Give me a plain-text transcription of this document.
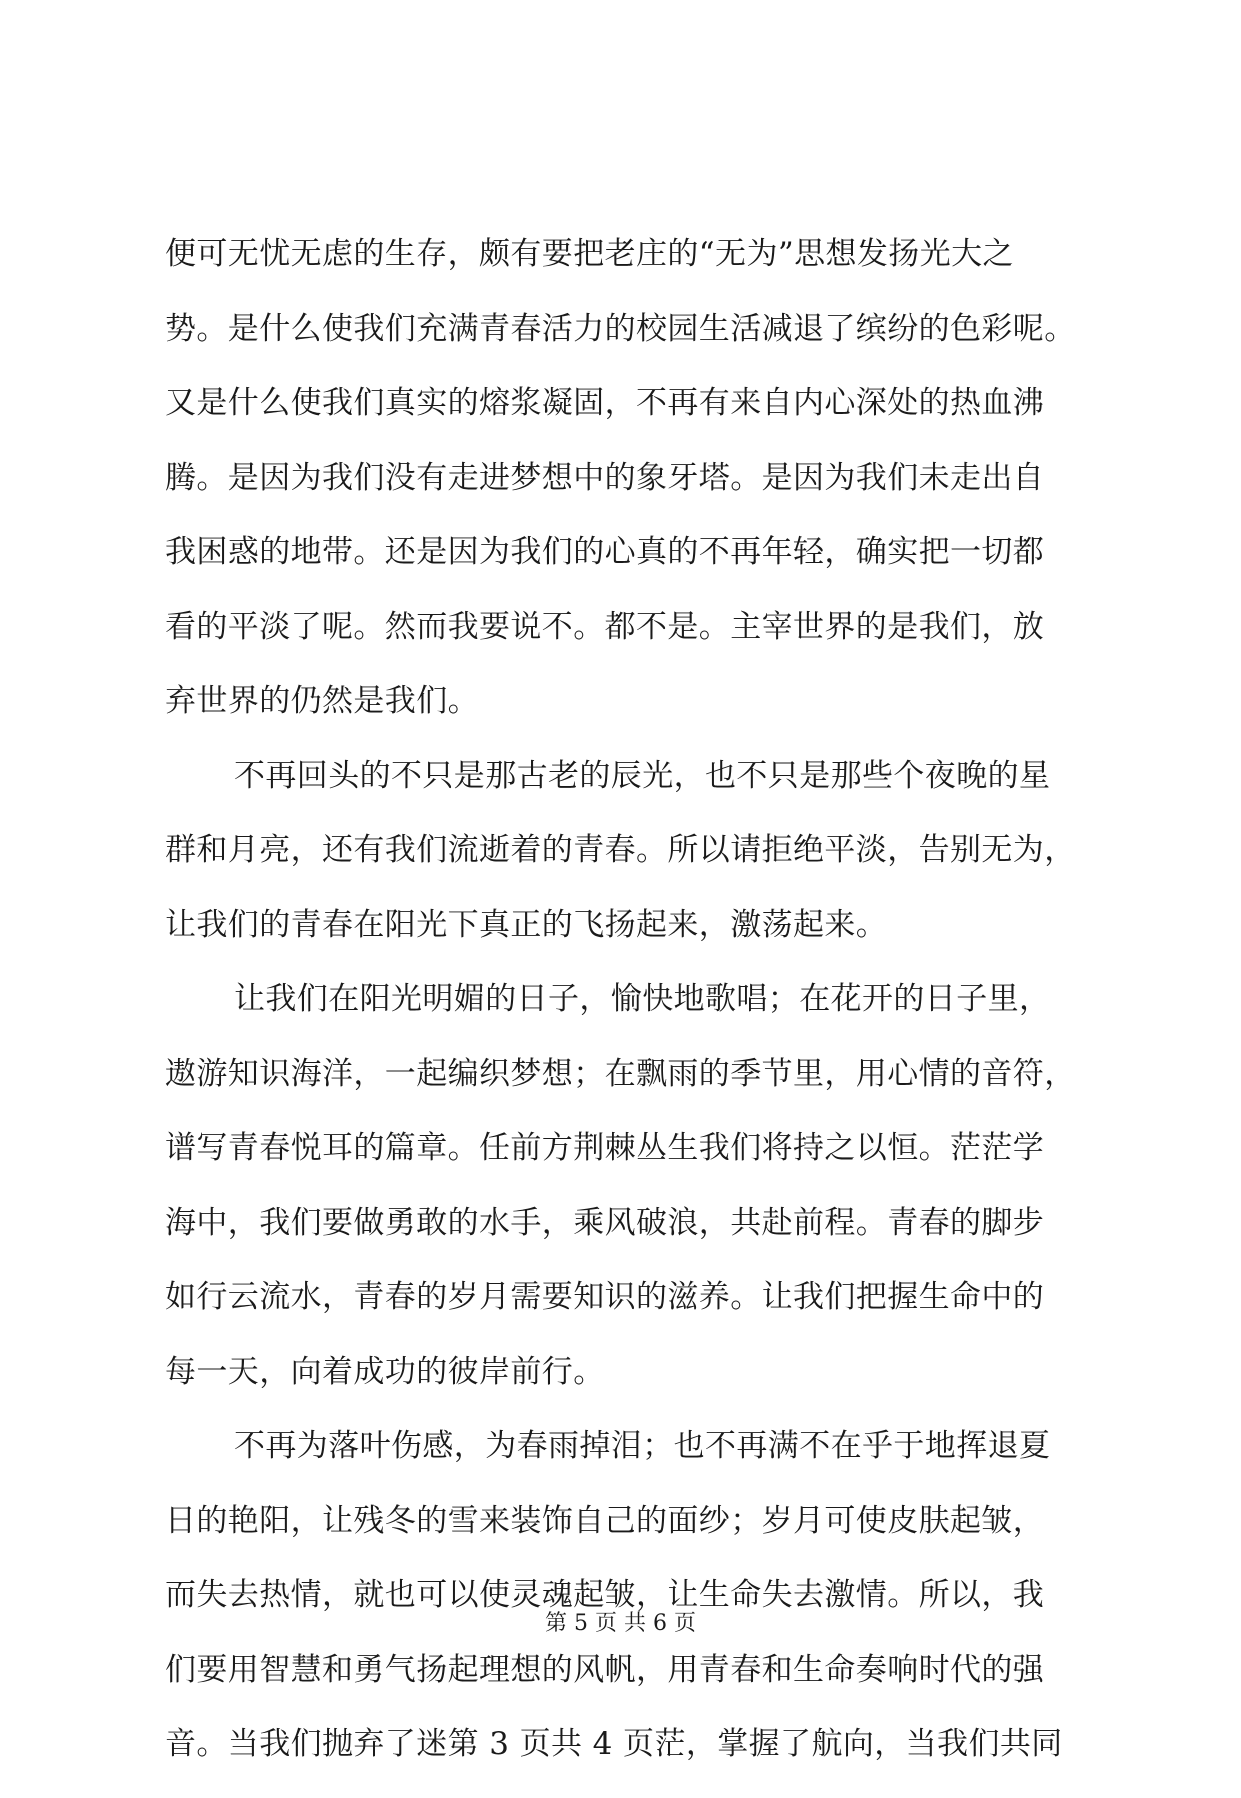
便可无忧无虑的生存，颇有要把老庄的“无为”思想发扬光大之
势。是什么使我们充满青春活力的校园生活减退了缤纷的色彩呢。
又是什么使我们真实的熔浆凝固，不再有来自内心深处的热血沸
腾。是因为我们没有走进梦想中的象牙塔。是因为我们未走出自
我困惑的地带。还是因为我们的心真的不再年轻，确实把一切都
看的平淡了呢。然而我要说不。都不是。主宰世界的是我们，放
弃世界的仍然是我们。
不再回头的不只是那古老的辰光，也不只是那些个夜晚的星
群和月亮，还有我们流逝着的青春。所以请拒绝平淡，告别无为，
让我们的青春在阳光下真正的飞扬起来，激荡起来。
让我们在阳光明媚的日子，愉快地歌唱；在花开的日子里，
遨游知识海洋，一起编织梦想；在飘雨的季节里，用心情的音符，
谱写青春悦耳的篇章。任前方荆棘丛生我们将持之以恒。茫茫学
海中，我们要做勇敢的水手，乘风破浪，共赴前程。青春的脚步
如行云流水，青春的岁月需要知识的滋养。让我们把握生命中的
每一天，向着成功的彼岸前行。
不再为落叶伤感，为春雨掉泪；也不再满不在乎于地挥退夏
日的艳阳，让残冬的雪来装饰自己的面纱；岁月可使皮肤起皱，
而失去热情，就也可以使灵魂起皱，让生命失去激情。所以，我
们要用智慧和勇气扬起理想的风帆，用青春和生命奏响时代的强
音。当我们抛弃了迷第 3 页共 4 页茫，掌握了航向，当我们共同
第 5 页 共 6 页
